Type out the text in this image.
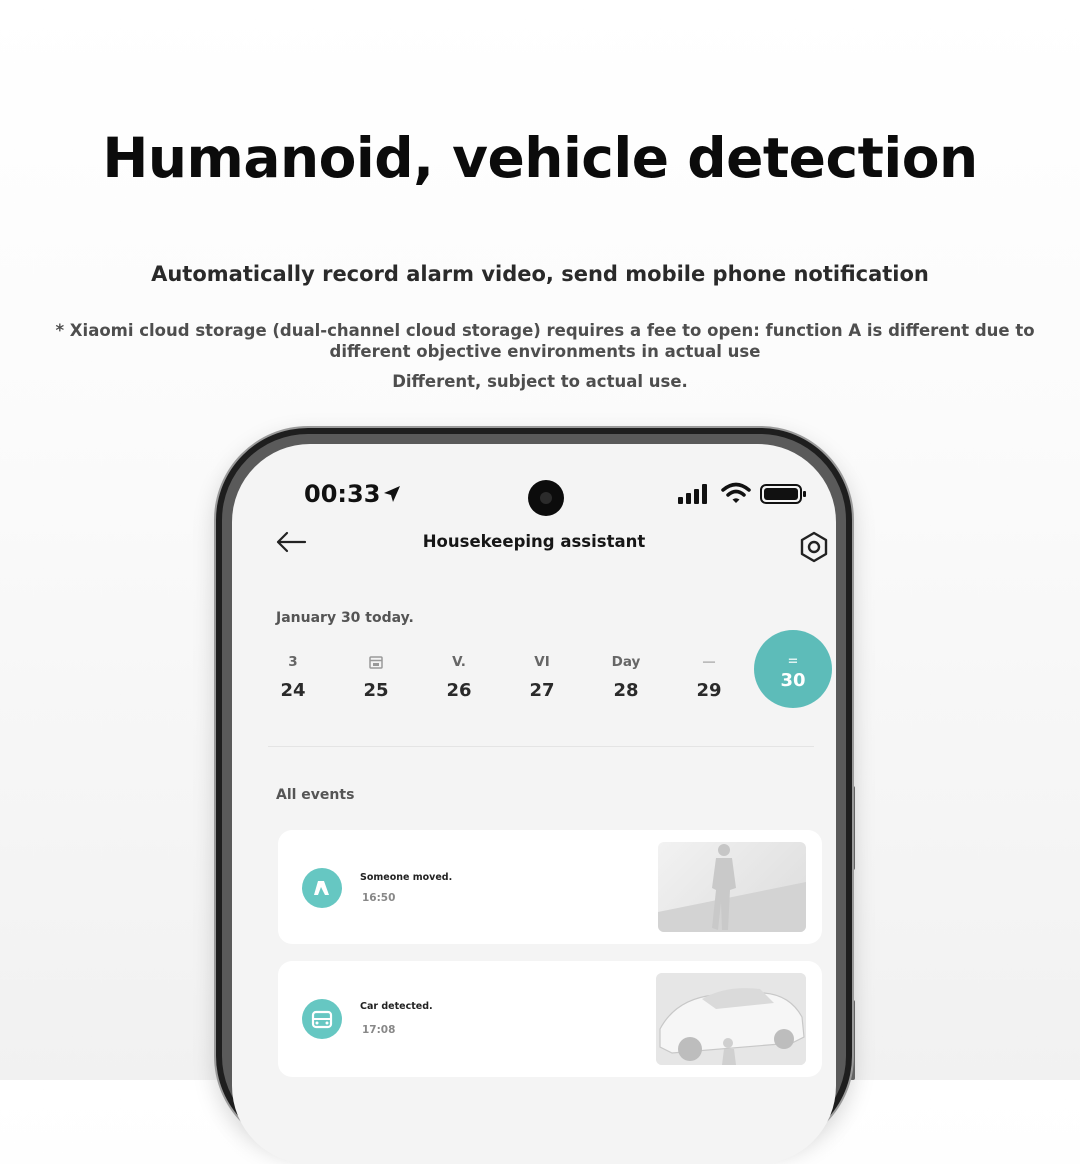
Humanoid, vehicle detection

Automatically record alarm video, send mobile phone notification

* Xiaomi cloud storage (dual-channel cloud storage) requires a fee to open: function A is different due to different objective environments in actual use

Different, subject to actual use.

00:33
Housekeeping assistant
January 30 today.
3
24	25
V.
26
VI
27
Day
28
—
29
=
30
All events
Someone moved.
16:50
Car detected.
17:08
